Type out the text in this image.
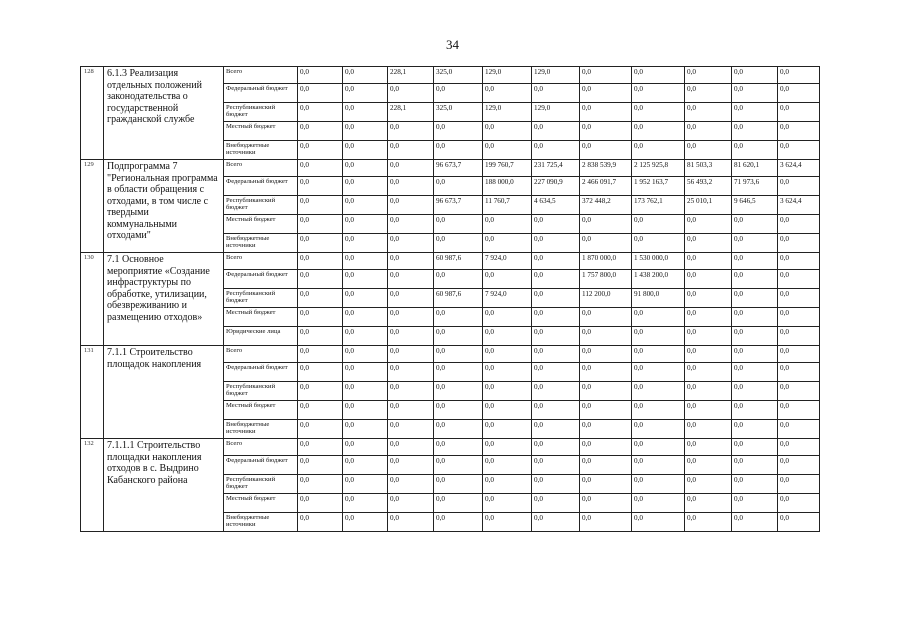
34
128	6.1.3 Реализация отдельных положений законодательства о государственной гражданской службе	Всего	0,0	0,0	228,1	325,0	129,0	129,0	0,0	0,0	0,0	0,0	0,0
		Федеральный бюджет	0,0	0,0	0,0	0,0	0,0	0,0	0,0	0,0	0,0	0,0	0,0
		Республиканский бюджет	0,0	0,0	228,1	325,0	129,0	129,0	0,0	0,0	0,0	0,0	0,0
		Местный бюджет	0,0	0,0	0,0	0,0	0,0	0,0	0,0	0,0	0,0	0,0	0,0
		Внебюджетные источники	0,0	0,0	0,0	0,0	0,0	0,0	0,0	0,0	0,0	0,0	0,0
129	Подпрограмма 7 "Региональная программа в области обращения с отходами, в том числе с твердыми коммунальными отходами"	Всего	0,0	0,0	0,0	96 673,7	199 760,7	231 725,4	2 838 539,9	2 125 925,8	81 503,3	81 620,1	3 624,4
		Федеральный бюджет	0,0	0,0	0,0	0,0	188 000,0	227 090,9	2 466 091,7	1 952 163,7	56 493,2	71 973,6	0,0
		Республиканский бюджет	0,0	0,0	0,0	96 673,7	11 760,7	4 634,5	372 448,2	173 762,1	25 010,1	9 646,5	3 624,4
		Местный бюджет	0,0	0,0	0,0	0,0	0,0	0,0	0,0	0,0	0,0	0,0	0,0
		Внебюджетные источники	0,0	0,0	0,0	0,0	0,0	0,0	0,0	0,0	0,0	0,0	0,0
130	7.1 Основное мероприятие «Создание инфраструктуры по обработке, утилизации, обезвреживанию и размещению отходов»	Всего	0,0	0,0	0,0	60 987,6	7 924,0	0,0	1 870 000,0	1 530 000,0	0,0	0,0	0,0
		Федеральный бюджет	0,0	0,0	0,0	0,0	0,0	0,0	1 757 800,0	1 438 200,0	0,0	0,0	0,0
		Республиканский бюджет	0,0	0,0	0,0	60 987,6	7 924,0	0,0	112 200,0	91 800,0	0,0	0,0	0,0
		Местный бюджет	0,0	0,0	0,0	0,0	0,0	0,0	0,0	0,0	0,0	0,0	0,0
		Юридические лица	0,0	0,0	0,0	0,0	0,0	0,0	0,0	0,0	0,0	0,0	0,0
131	7.1.1 Строительство площадок накопления	Всего	0,0	0,0	0,0	0,0	0,0	0,0	0,0	0,0	0,0	0,0	0,0
		Федеральный бюджет	0,0	0,0	0,0	0,0	0,0	0,0	0,0	0,0	0,0	0,0	0,0
		Республиканский бюджет	0,0	0,0	0,0	0,0	0,0	0,0	0,0	0,0	0,0	0,0	0,0
		Местный бюджет	0,0	0,0	0,0	0,0	0,0	0,0	0,0	0,0	0,0	0,0	0,0
		Внебюджетные источники	0,0	0,0	0,0	0,0	0,0	0,0	0,0	0,0	0,0	0,0	0,0
132	7.1.1.1 Строительство площадки накопления отходов в с. Выдрино Кабанского района	Всего	0,0	0,0	0,0	0,0	0,0	0,0	0,0	0,0	0,0	0,0	0,0
		Федеральный бюджет	0,0	0,0	0,0	0,0	0,0	0,0	0,0	0,0	0,0	0,0	0,0
		Республиканский бюджет	0,0	0,0	0,0	0,0	0,0	0,0	0,0	0,0	0,0	0,0	0,0
		Местный бюджет	0,0	0,0	0,0	0,0	0,0	0,0	0,0	0,0	0,0	0,0	0,0
		Внебюджетные источники	0,0	0,0	0,0	0,0	0,0	0,0	0,0	0,0	0,0	0,0	0,0
